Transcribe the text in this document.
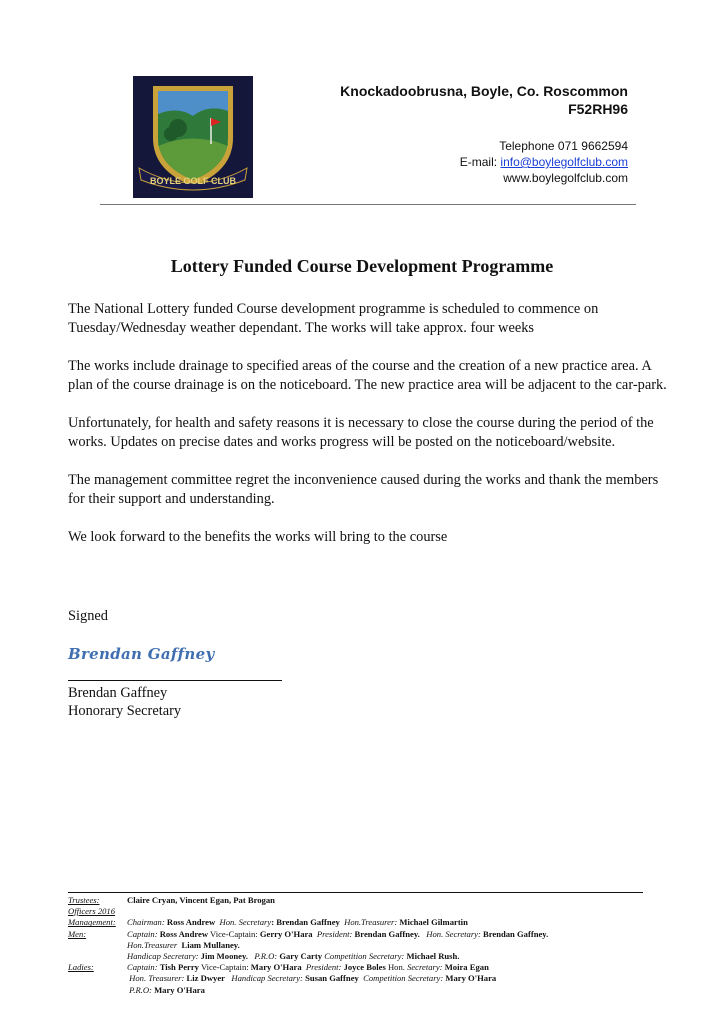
BOYLE GOLF CLUB
Knockadoobrusna, Boyle, Co. Roscommon
F52RH96
Telephone 071 9662594
E-mail: info@boylegolfclub.com
www.boylegolfclub.com
Lottery Funded Course Development Programme

The National Lottery funded Course development programme is scheduled to commence on Tuesday/Wednesday weather dependant. The works will take approx. four weeks

The works include drainage to specified areas of the course and the creation of a new practice area. A plan of the course drainage is on the noticeboard. The new practice area will be adjacent to the car-park.

Unfortunately, for health and safety reasons it is necessary to close the course during the period of the works. Updates on precise dates and works progress will be posted on the noticeboard/website.

The management committee regret the inconvenience caused during the works and thank the members for their support and understanding.

We look forward to the benefits the works will bring to the course

Signed
Brendan Gaffney
Brendan Gaffney
Honorary Secretary
Trustees:	Claire Cryan, Vincent Egan, Pat Brogan
Officers 2016
Management:	Chairman: Ross Andrew Hon. Secretary: Brendan Gaffney Hon.Treasurer: Michael Gilmartin
Men:	Captain: Ross Andrew Vice-Captain: Gerry O'Hara President: Brendan Gaffney. Hon. Secretary: Brendan Gaffney.
Hon.Treasurer Liam Mullaney.
Handicap Secretary: Jim Mooney. P.R.O: Gary Carty Competition Secretary: Michael Rush.
Ladies:	Captain: Tish Perry Vice-Captain: Mary O'Hara President: Joyce Boles Hon. Secretary: Moira Egan
Hon. Treasurer: Liz Dwyer Handicap Secretary: Susan Gaffney Competition Secretary: Mary O'Hara
P.R.O: Mary O'Hara
